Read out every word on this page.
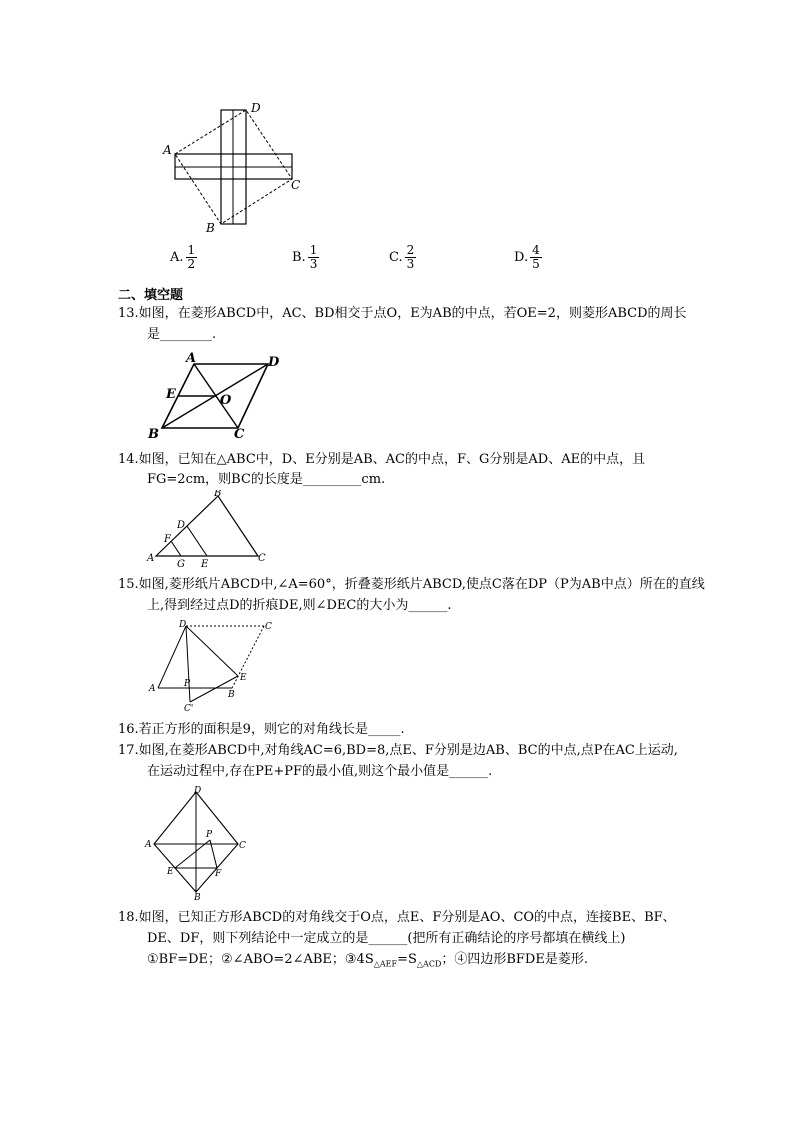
A
D
C
B
A. $\frac{1}{2}$	B. $\frac{1}{3}$	C. $\frac{2}{3}$	D. $\frac{4}{5}$
二、填空题
13.如图，在菱形ABCD中，AC、BD相交于点O，E为AB的中点，若OE=2，则菱形ABCD的周长
是________.
A	D
E	O
B	C
14.如图，已知在△ABC中，D、E分别是AB、AC的中点，F、G分别是AD、AE的中点，且
FG=2cm，则BC的长度是_________cm.
B
D
F
A
G E
C
15.如图,菱形纸片ABCD中,∠A=60°，折叠菱形纸片ABCD,使点C落在DP（P为AB中点）所在的直线
上,得到经过点D的折痕DE,则∠DEC的大小为______.
D	C
E
P
A
B
C'
16.若正方形的面积是9，则它的对角线长是_____.
17.如图,在菱形ABCD中,对角线AC=6,BD=8,点E、F分别是边AB、BC的中点,点P在AC上运动,
在运动过程中,存在PE+PF的最小值,则这个最小值是______.
D
A	C
P
E	F
B
18.如图，已知正方形ABCD的对角线交于O点，点E、F分别是AO、CO的中点，连接BE、BF、
DE、DF，则下列结论中一定成立的是______(把所有正确结论的序号都填在横线上)
①BF=DE；②∠ABO=2∠ABE；$③4S_{\triangle AEF}=S_{\triangle ACD}$；④四边形BFDE是菱形.
